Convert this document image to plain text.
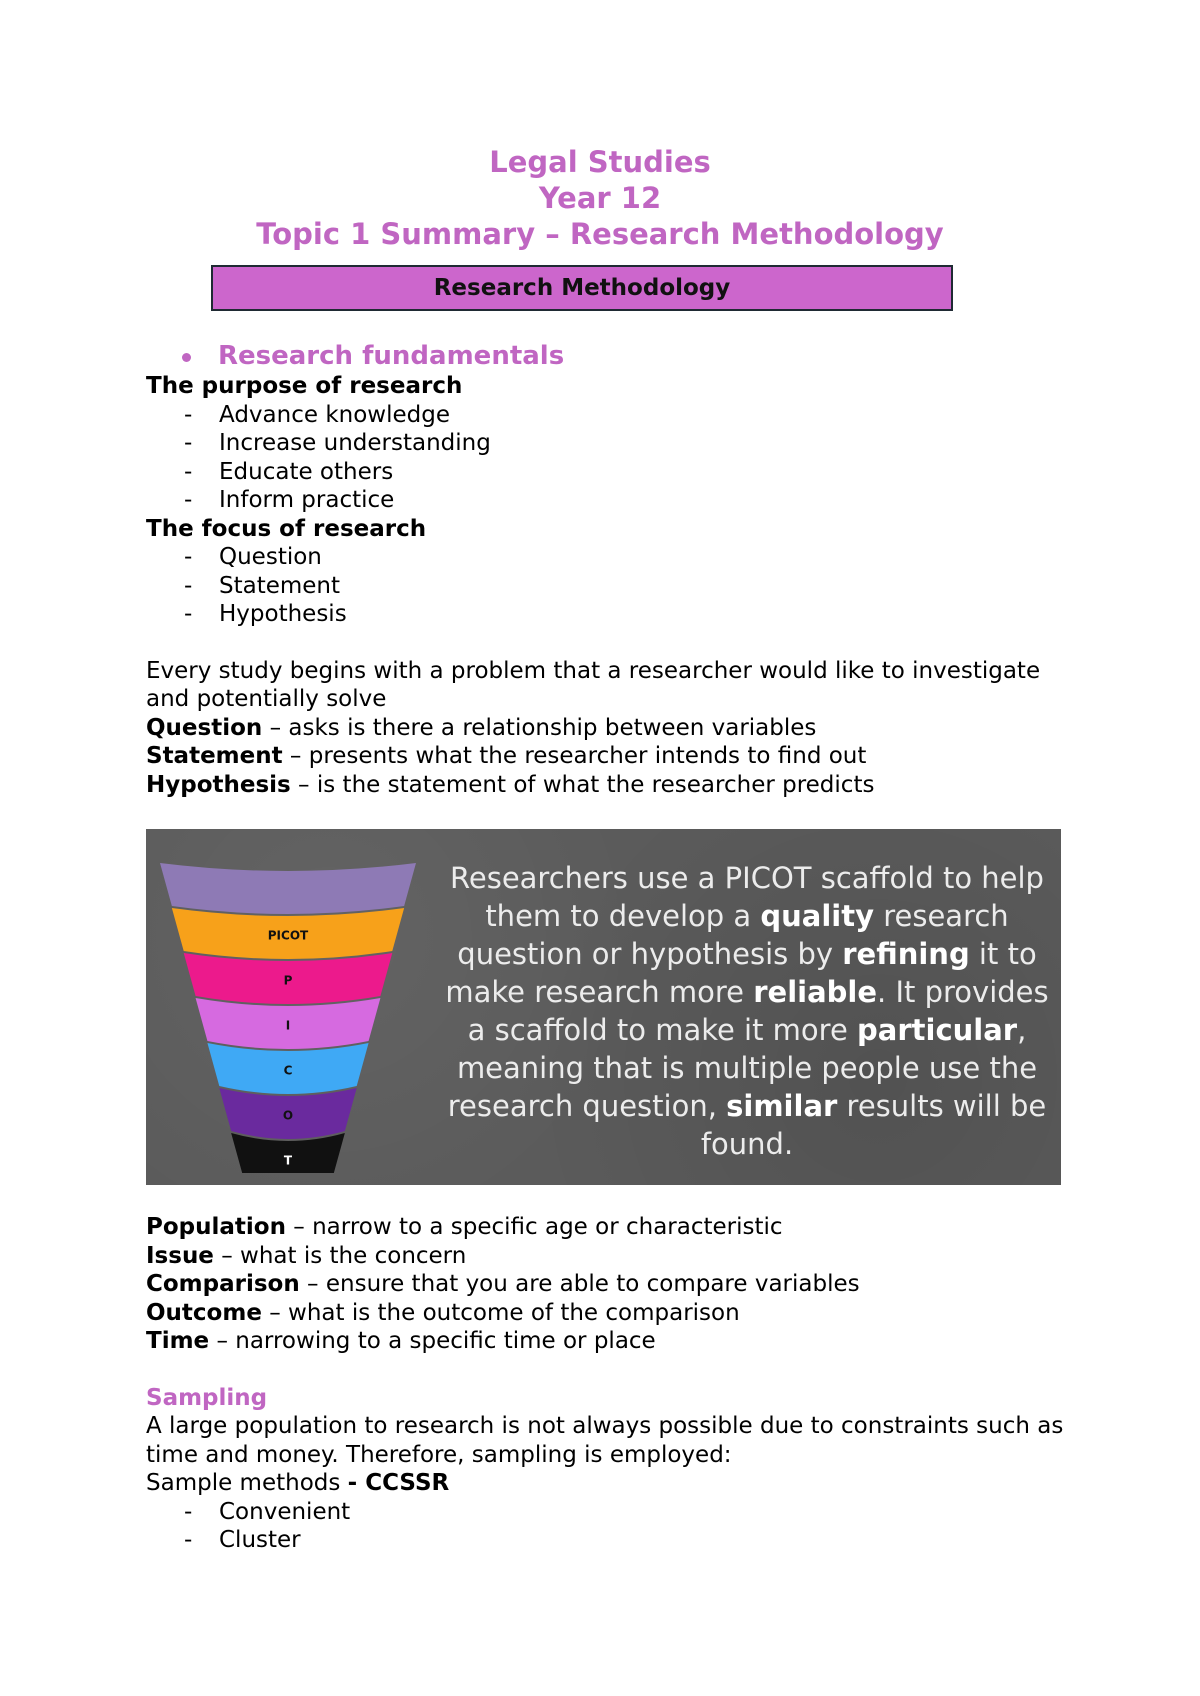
Legal Studies

Year 12

Topic 1 Summary – Research Methodology

Research Methodology
Research fundamentals

The purpose of research

- Advance knowledge
- Increase understanding
- Educate others
- Inform practice

The focus of research

- Question
- Statement
- Hypothesis

Every study begins with a problem that a researcher would like to investigate and potentially solve

Question – asks is there a relationship between variables

Statement – presents what the researcher intends to find out

Hypothesis – is the statement of what the researcher predicts

PICOT
P
I
C
O
T
Researchers use a PICOT scaffold to help them to develop a quality research question or hypothesis by refining it to make research more reliable. It provides a scaffold to make it more particular, meaning that is multiple people use the research question, similar results will be found.

Population – narrow to a specific age or characteristic

Issue – what is the concern

Comparison – ensure that you are able to compare variables

Outcome – what is the outcome of the comparison

Time – narrowing to a specific time or place

Sampling

A large population to research is not always possible due to constraints such as time and money. Therefore, sampling is employed:

Sample methods - CCSSR

- Convenient
- Cluster
